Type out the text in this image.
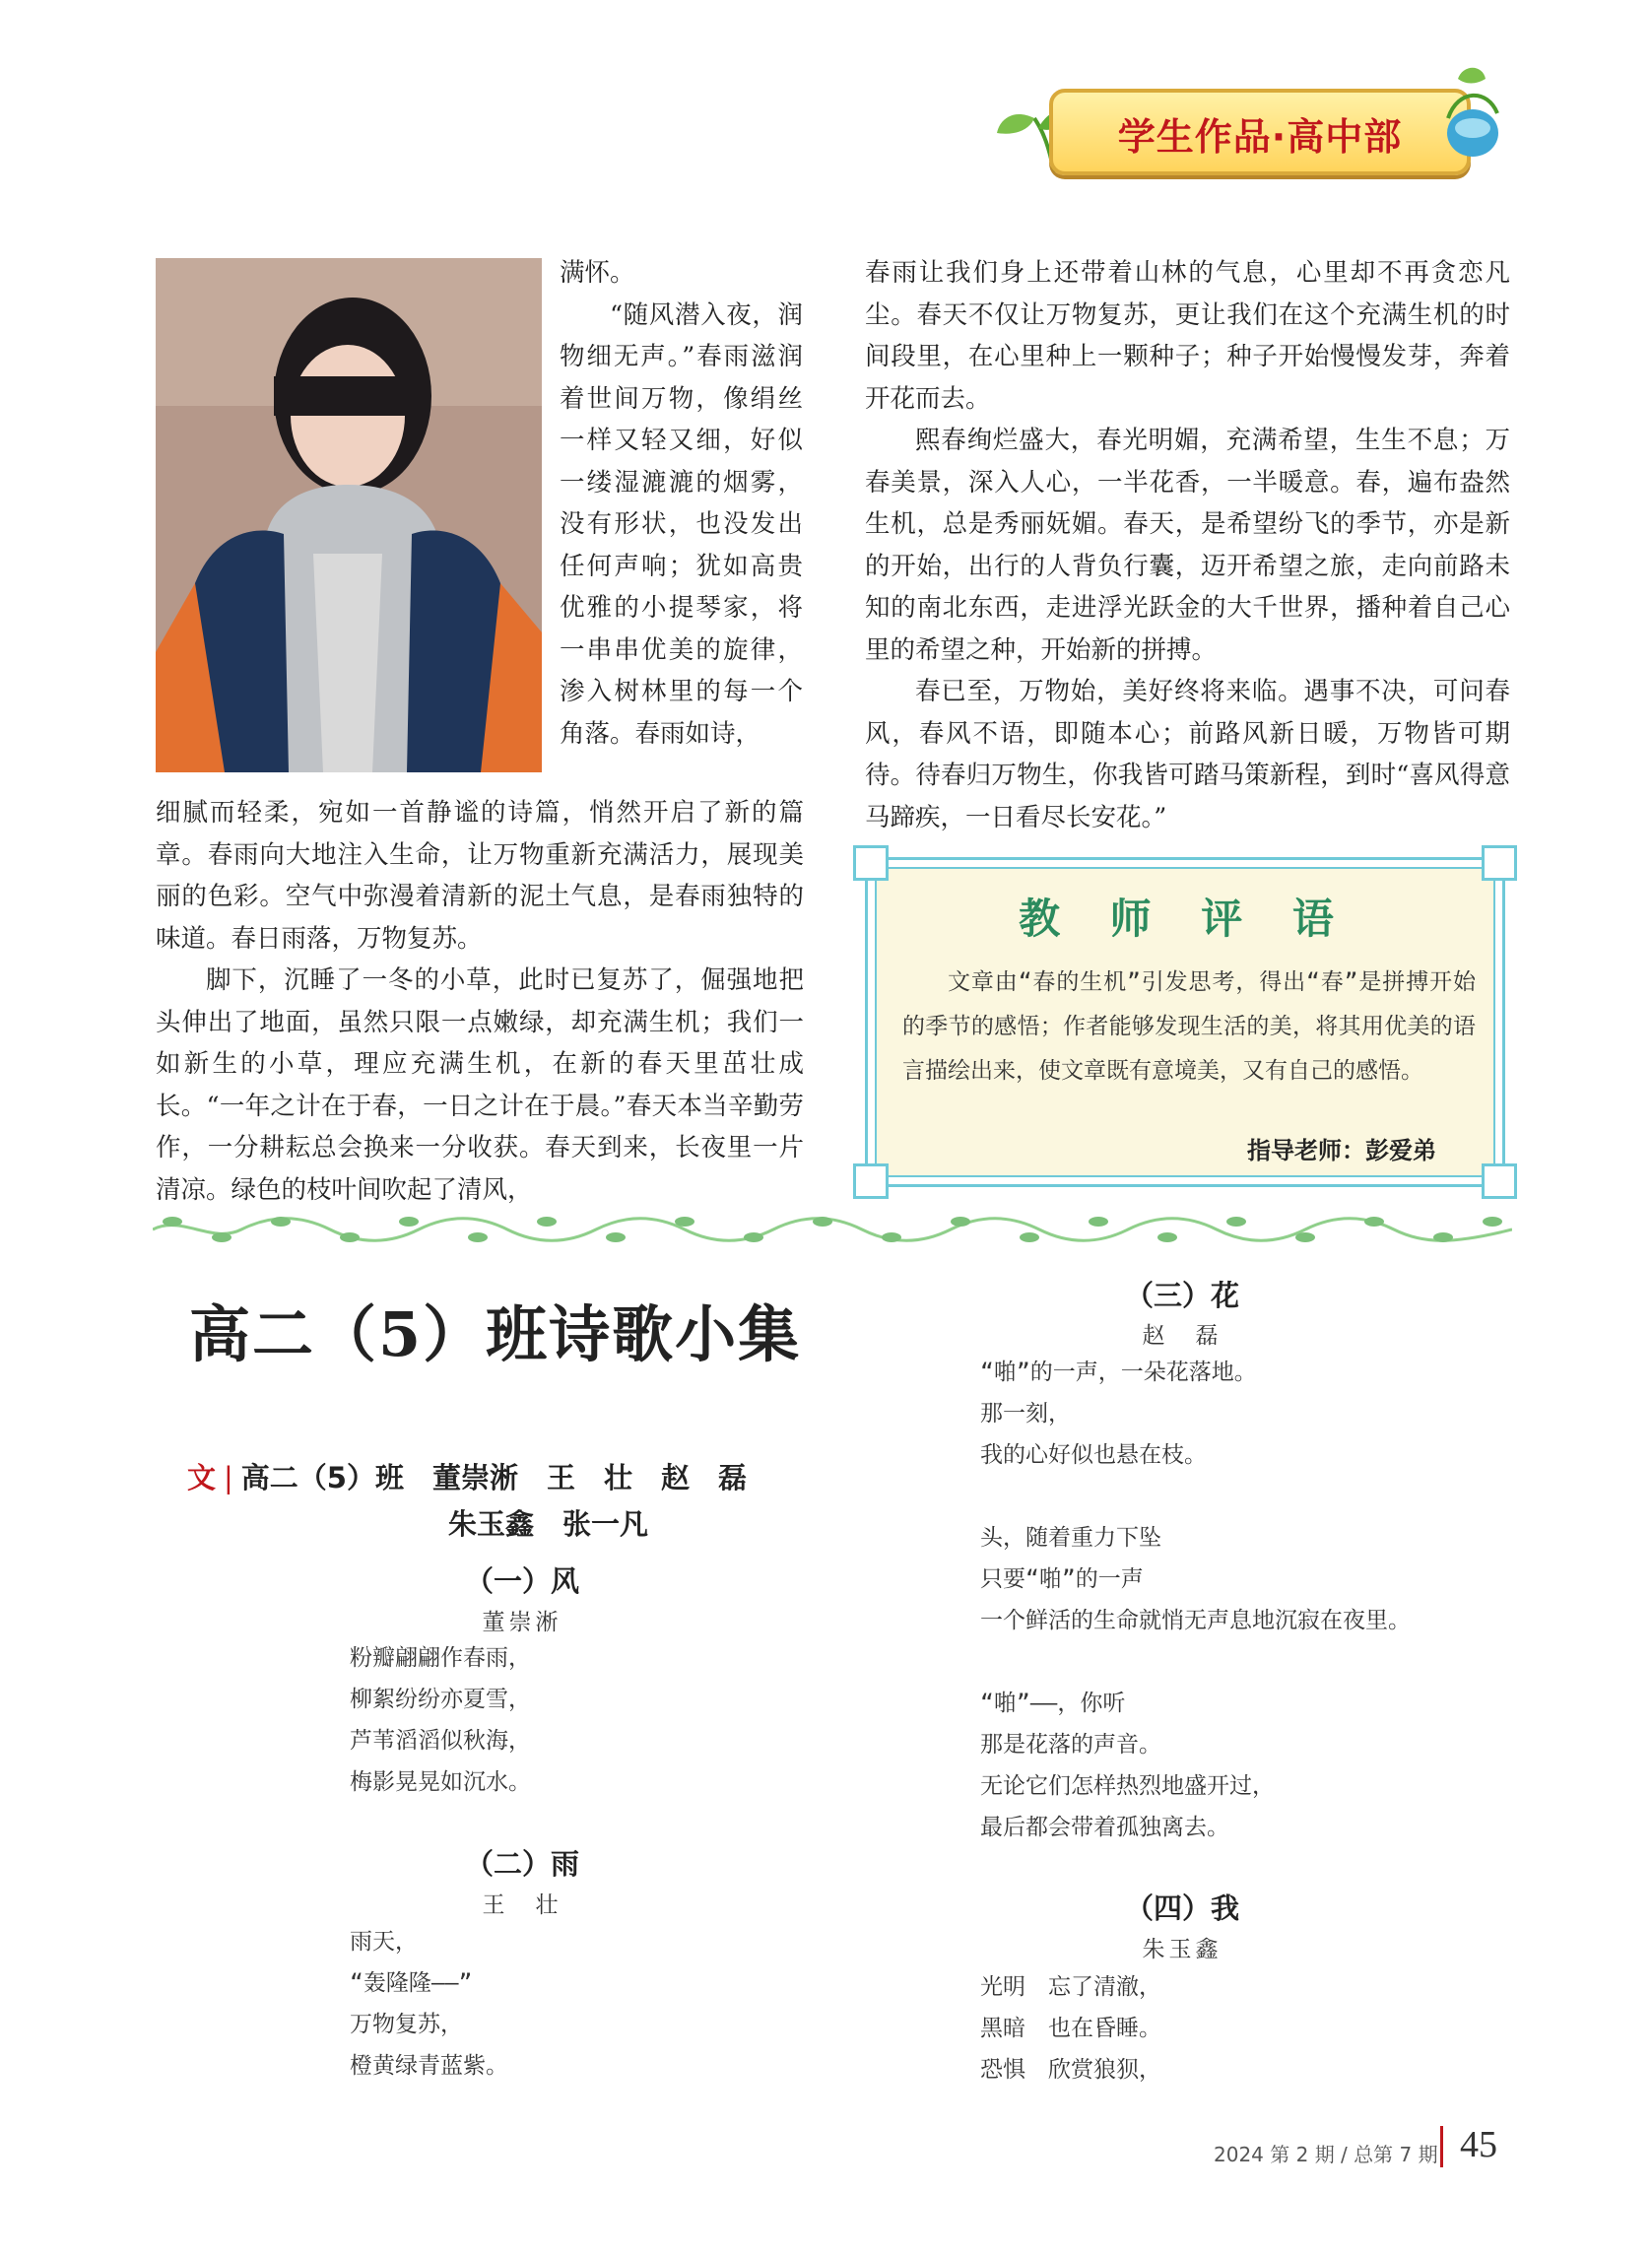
学生作品·高中部

满怀。

“随风潜入夜，润物细无声。”春雨滋润着世间万物，像绢丝一样又轻又细，好似一缕湿漉漉的烟雾，没有形状，也没发出任何声响；犹如高贵优雅的小提琴家，将一串串优美的旋律，渗入树林里的每一个角落。春雨如诗，

细腻而轻柔，宛如一首静谧的诗篇，悄然开启了新的篇章。春雨向大地注入生命，让万物重新充满活力，展现美丽的色彩。空气中弥漫着清新的泥土气息，是春雨独特的味道。春日雨落，万物复苏。

脚下，沉睡了一冬的小草，此时已复苏了，倔强地把头伸出了地面，虽然只限一点嫩绿，却充满生机；我们一如新生的小草，理应充满生机，在新的春天里茁壮成长。“一年之计在于春，一日之计在于晨。”春天本当辛勤劳作，一分耕耘总会换来一分收获。春天到来，长夜里一片清凉。绿色的枝叶间吹起了清风，

春雨让我们身上还带着山林的气息，心里却不再贪恋凡尘。春天不仅让万物复苏，更让我们在这个充满生机的时间段里，在心里种上一颗种子；种子开始慢慢发芽，奔着开花而去。

熙春绚烂盛大，春光明媚，充满希望，生生不息；万春美景，深入人心，一半花香，一半暖意。春，遍布盎然生机，总是秀丽妩媚。春天，是希望纷飞的季节，亦是新的开始，出行的人背负行囊，迈开希望之旅，走向前路未知的南北东西，走进浮光跃金的大千世界，播种着自己心里的希望之种，开始新的拼搏。

春已至，万物始，美好终将来临。遇事不决，可问春风，春风不语，即随本心；前路风新日暖，万物皆可期待。待春归万物生，你我皆可踏马策新程，到时“喜风得意马蹄疾，一日看尽长安花。”

教 师 评 语

文章由“春的生机”引发思考，得出“春”是拼搏开始的季节的感悟；作者能够发现生活的美，将其用优美的语言描绘出来，使文章既有意境美，又有自己的感悟。

指导老师：彭爱弟
高二（5）班诗歌小集
文 | 高二（5）班　董崇淅　王　壮　赵　磊
朱玉鑫　张一凡
（一）风
董崇淅
粉瓣翩翩作春雨，
柳絮纷纷亦夏雪，
芦苇滔滔似秋海，
梅影晃晃如沉水。
（二）雨
王　壮
雨天，
“轰隆隆——”
万物复苏，
橙黄绿青蓝紫。
（三）花
赵　磊
“啪”的一声，一朵花落地。
那一刻，
我的心好似也悬在枝。
头，随着重力下坠
只要“啪”的一声
一个鲜活的生命就悄无声息地沉寂在夜里。
“啪”——，你听
那是花落的声音。
无论它们怎样热烈地盛开过，
最后都会带着孤独离去。
（四）我
朱玉鑫
光明　忘了清澈，
黑暗　也在昏睡。
恐惧　欣赏狼狈，
2024 第 2 期 / 总第 7 期 45
